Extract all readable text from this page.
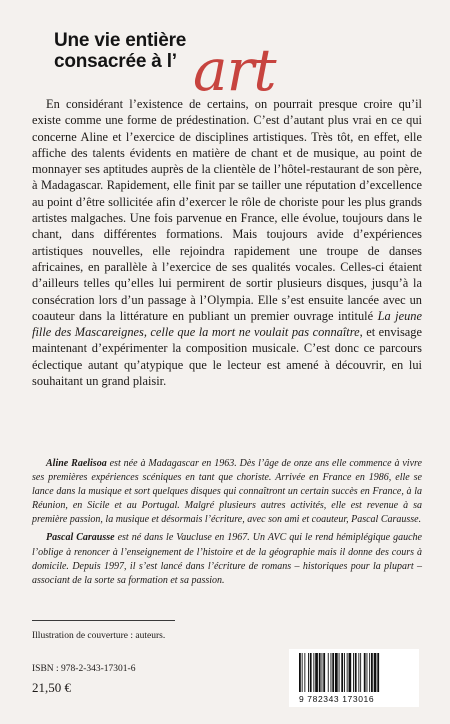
Une vie entière
consacrée à l’ art

En considérant l’existence de certains, on pourrait presque croire qu’il existe comme une forme de prédestination. C’est d’autant plus vrai en ce qui concerne Aline et l’exercice de disciplines artistiques. Très tôt, en effet, elle affiche des talents évidents en matière de chant et de musique, au point de monnayer ses aptitudes auprès de la clientèle de l’hôtel-restaurant de son père, à Madagascar. Rapidement, elle finit par se tailler une réputation d’excellence au point d’être sollicitée afin d’exercer le rôle de choriste pour les plus grands artistes malgaches. Une fois parvenue en France, elle évolue, toujours dans le chant, dans différentes formations. Mais toujours avide d’expériences artistiques nouvelles, elle rejoindra rapidement une troupe de danses africaines, en parallèle à l’exercice de ses qualités vocales. Celles-ci étaient d’ailleurs telles qu’elles lui permirent de sortir plusieurs disques, jusqu’à la consécration lors d’un passage à l’Olympia. Elle s’est ensuite lancée avec un coauteur dans la littérature en publiant un premier ouvrage intitulé La jeune fille des Mascareignes, celle que la mort ne voulait pas connaître, et envisage maintenant d’expérimenter la composition musicale. C’est donc ce parcours éclectique autant qu’atypique que le lecteur est amené à découvrir, en lui souhaitant un grand plaisir.

Aline Raelisoa est née à Madagascar en 1963. Dès l’âge de onze ans elle commence à vivre ses premières expériences scéniques en tant que choriste. Arrivée en France en 1986, elle se lance dans la musique et sort quelques disques qui connaîtront un certain succès en France, à la Réunion, en Sicile et au Portugal. Malgré plusieurs autres activités, elle est revenue à sa première passion, la musique et désormais l’écriture, avec son ami et coauteur, Pascal Carausse.

Pascal Carausse est né dans le Vaucluse en 1967. Un AVC qui le rend hémiplégique gauche l’oblige à renoncer à l’enseignement de l’histoire et de la géographie mais il donne des cours à domicile. Depuis 1997, il s’est lancé dans l’écriture de romans – historiques pour la plupart – associant de la sorte sa formation et sa passion.

Illustration de couverture : auteurs.
ISBN : 978-2-343-17301-6
21,50 €
9 782343 173016
